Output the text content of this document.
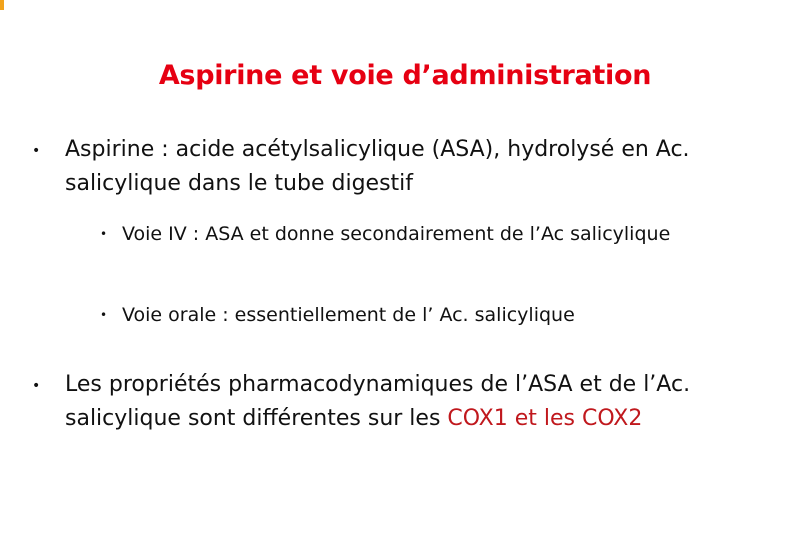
Aspirine et voie d’administration

• Aspirine : acide acétylsalicylique (ASA), hydrolysé en Ac. salicylique dans le tube digestif

• Voie IV : ASA et donne secondairement de l’Ac salicylique

• Voie orale : essentiellement de l’ Ac. salicylique

• Les propriétés pharmacodynamiques de l’ASA et de l’Ac. salicylique sont différentes sur les COX1 et les COX2
